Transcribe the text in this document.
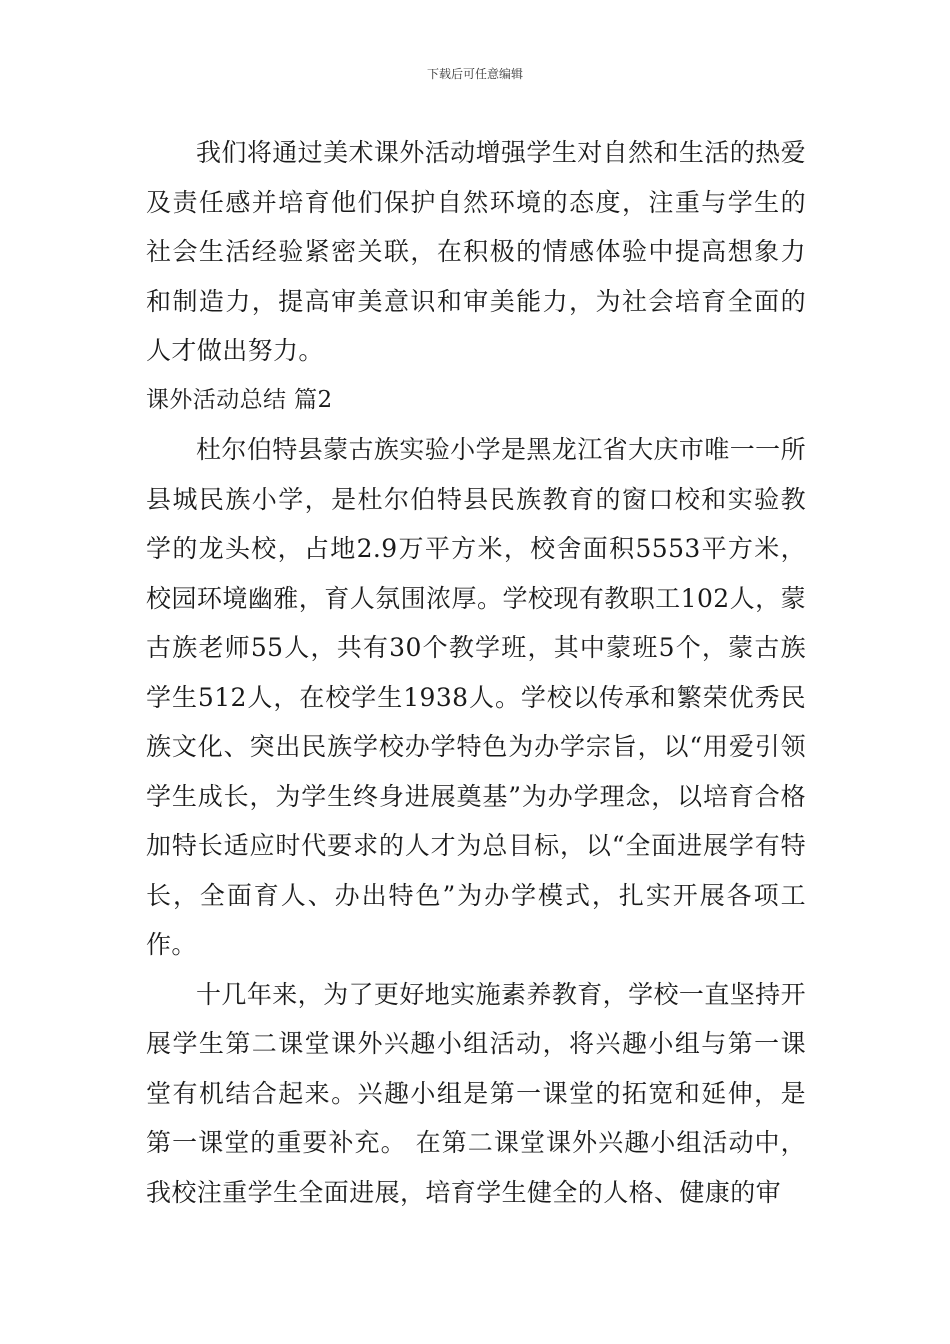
下载后可任意编辑

我们将通过美术课外活动增强学生对自然和生活的热爱及责任感并培育他们保护自然环境的态度，注重与学生的社会生活经验紧密关联，在积极的情感体验中提高想象力和制造力，提高审美意识和审美能力，为社会培育全面的人才做出努力。

课外活动总结 篇2

杜尔伯特县蒙古族实验小学是黑龙江省大庆市唯一一所县城民族小学，是杜尔伯特县民族教育的窗口校和实验教学的龙头校，占地2.9万平方米，校舍面积5553平方米，校园环境幽雅，育人氛围浓厚。学校现有教职工102人，蒙古族老师55人，共有30个教学班，其中蒙班5个，蒙古族学生512人，在校学生1938人。学校以传承和繁荣优秀民族文化、突出民族学校办学特色为办学宗旨，以“用爱引领学生成长，为学生终身进展奠基”为办学理念，以培育合格加特长适应时代要求的人才为总目标，以“全面进展学有特长，全面育人、办出特色”为办学模式，扎实开展各项工作。

十几年来，为了更好地实施素养教育，学校一直坚持开展学生第二课堂课外兴趣小组活动，将兴趣小组与第一课堂有机结合起来。兴趣小组是第一课堂的拓宽和延伸，是第一课堂的重要补充。 在第二课堂课外兴趣小组活动中，我校注重学生全面进展，培育学生健全的人格、健康的审
